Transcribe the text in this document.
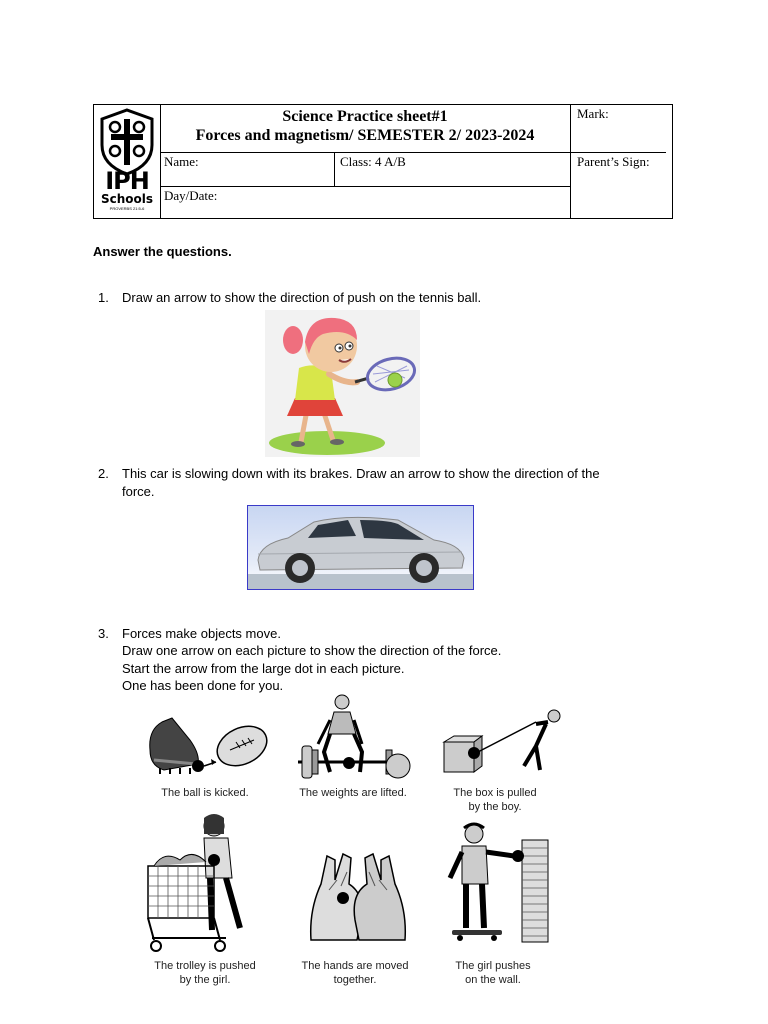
IPH
Schools
PROVERBS 21:5-6
Science Practice sheet#1
Forces and magnetism/ SEMESTER 2/ 2023-2024
Mark:
Name:	Class: 4 A/B	Parent’s Sign:
Day/Date:
Answer the questions.
1. Draw an arrow to show the direction of push on the tennis ball.
2. This car is slowing down with its brakes. Draw an arrow to show the direction of the
force.
3. Forces make objects move.
Draw one arrow on each picture to show the direction of the force.
Start the arrow from the large dot in each picture.
One has been done for you.
The ball is kicked.	The weights are lifted.	The box is pulled
by the boy.
The trolley is pushed
by the girl.
The hands are moved
together.
The girl pushes
on the wall.
